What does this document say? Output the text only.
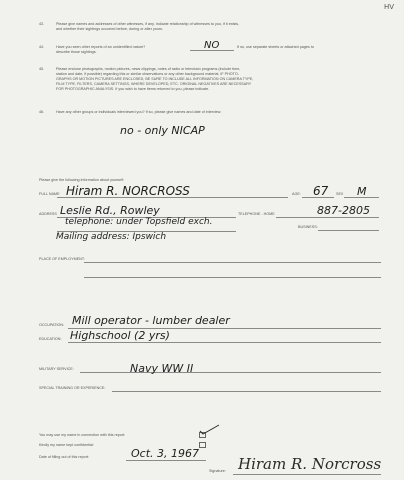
HV
43.	Please give names and addresses of other witnesses, if any. Indicate relationship of witnesses to you, if it exists,
and whether their sightings occurred before, during or after yours.
44.	Have you seen other reports of an unidentified nature?	NO	If so, use separate sheets or attached pages to
describe those sightings.
45.	Please enclose photographs, motion pictures, news clippings, notes of radio or television programs (include time,
station and date, if possible) regarding this or similar observations or any other background material. IF PHOTO-
GRAPHS OR MOTION PICTURES ARE ENCLOSED, BE SURE TO INCLUDE ALL INFORMATION ON CAMERA TYPE,
FILM TYPE, FILTERS, CAMERA SETTINGS, WHERE DEVELOPED, ETC. ORIGINAL NEGATIVES ARE NECESSARY
FOR PHOTOGRAPHIC ANALYSIS. If you wish to have items returned to you, please indicate.
46.	Have any other groups or individuals interviewed you? If so, please give names and date of interview.
no - only NICAP
Please give the following information about yourself:
FULL NAME Hiram R. NORCROSS	AGE: 67 SEX M
ADDRESS Leslie Rd., Rowley	TELEPHONE - HOME	887-2805
telephone: under Topsfield exch.	BUSINESS:
Mailing address: Ipswich
PLACE OF EMPLOYMENT:
OCCUPATION: Mill operator - lumber dealer
EDUCATION: Highschool (2 yrs)
MILITARY SERVICE:	Navy WW II
SPECIAL TRAINING OR EXPERIENCE:
You may use my name in connection with this report:
Kindly my name kept confidential:
Date of filling out of this report:	Oct. 3, 1967
Signature: Hiram R. Norcross
